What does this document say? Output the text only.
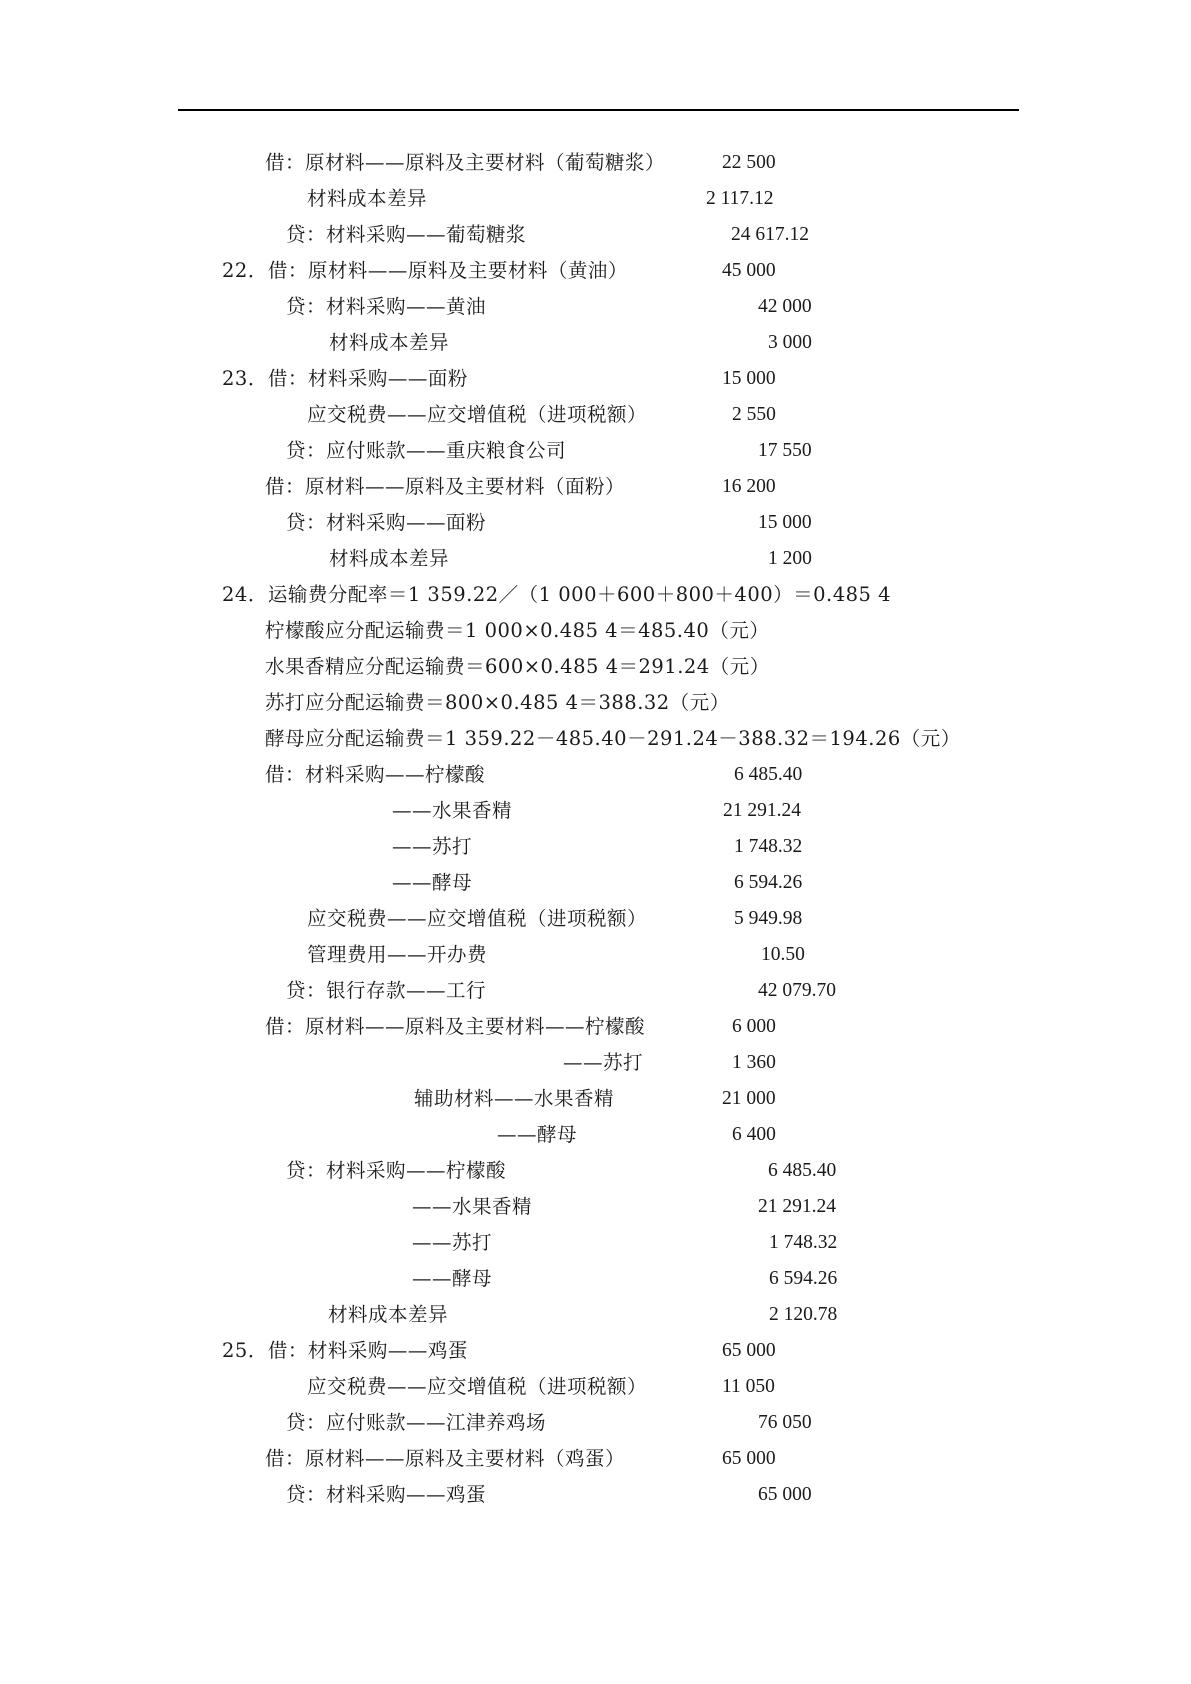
借：原材料——原料及主要材料（葡萄糖浆）	22 500
材料成本差异	2 117.12
贷：材料采购——葡萄糖浆	24 617.12
22．借：原材料——原料及主要材料（黄油）	45 000
贷：材料采购——黄油	42 000
材料成本差异	3 000
23．借：材料采购——面粉	15 000
应交税费——应交增值税（进项税额）	2 550
贷：应付账款——重庆粮食公司	17 550
借：原材料——原料及主要材料（面粉）	16 200
贷：材料采购——面粉	15 000
材料成本差异	1 200
24．运输费分配率＝1 359.22／（1 000＋600＋800＋400）＝0.485 4
柠檬酸应分配运输费＝1 000×0.485 4＝485.40（元）
水果香精应分配运输费＝600×0.485 4＝291.24（元）
苏打应分配运输费＝800×0.485 4＝388.32（元）
酵母应分配运输费＝1 359.22－485.40－291.24－388.32＝194.26（元）
借：材料采购——柠檬酸	6 485.40
——水果香精	21 291.24
——苏打	1 748.32
——酵母	6 594.26
应交税费——应交增值税（进项税额）	5 949.98
管理费用——开办费	10.50
贷：银行存款——工行	42 079.70
借：原材料——原料及主要材料——柠檬酸	6 000
——苏打	1 360
辅助材料——水果香精	21 000
——酵母	6 400
贷：材料采购——柠檬酸	6 485.40
——水果香精	21 291.24
——苏打	1 748.32
——酵母	6 594.26
材料成本差异	2 120.78
25．借：材料采购——鸡蛋	65 000
应交税费——应交增值税（进项税额）	11 050
贷：应付账款——江津养鸡场	76 050
借：原材料——原料及主要材料（鸡蛋）	65 000
贷：材料采购——鸡蛋	65 000
